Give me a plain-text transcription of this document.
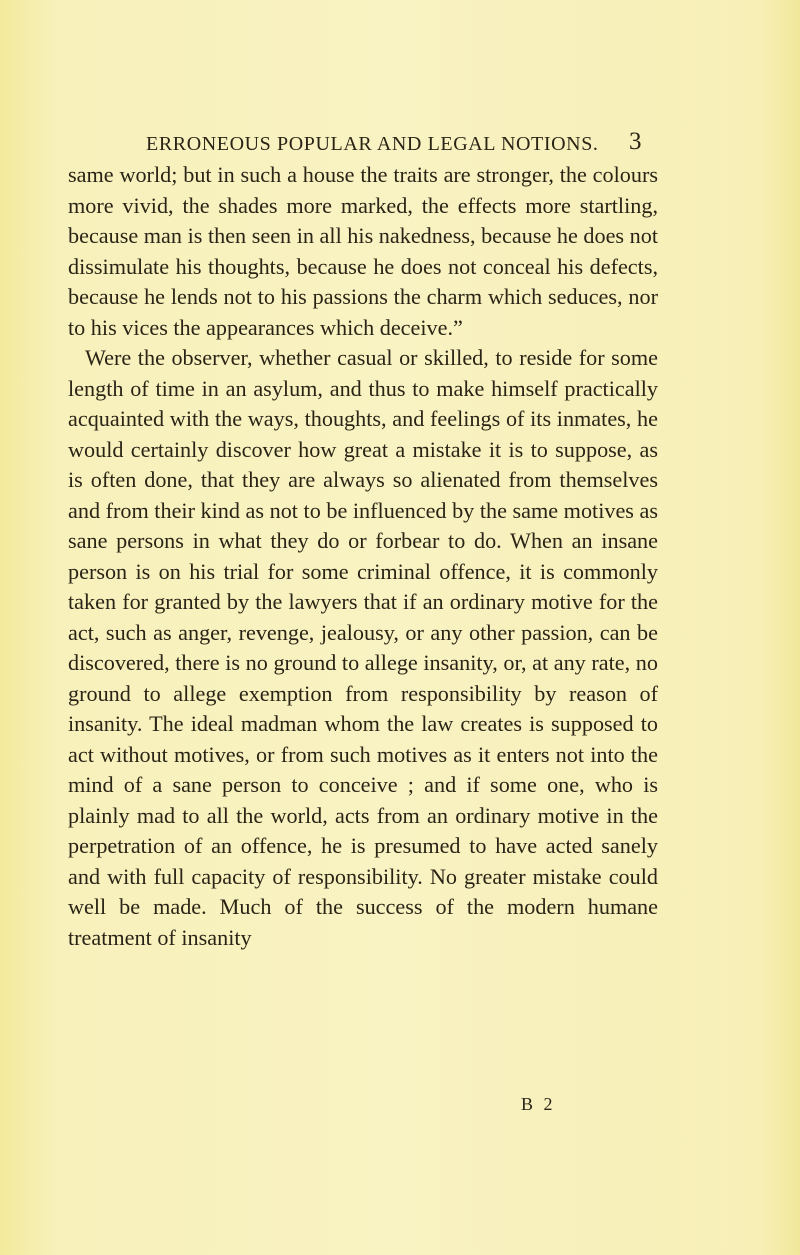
ERRONEOUS POPULAR AND LEGAL NOTIONS.	3

same world; but in such a house the traits are stronger, the colours more vivid, the shades more marked, the effects more startling, because man is then seen in all his nakedness, because he does not dissimulate his thoughts, because he does not conceal his defects, because he lends not to his passions the charm which seduces, nor to his vices the appearances which deceive.”

Were the observer, whether casual or skilled, to reside for some length of time in an asylum, and thus to make himself practically acquainted with the ways, thoughts, and feelings of its inmates, he would certainly discover how great a mistake it is to suppose, as is often done, that they are always so alienated from themselves and from their kind as not to be influenced by the same motives as sane persons in what they do or forbear to do. When an insane person is on his trial for some criminal offence, it is commonly taken for granted by the lawyers that if an ordinary motive for the act, such as anger, revenge, jealousy, or any other passion, can be discovered, there is no ground to allege insanity, or, at any rate, no ground to allege exemption from responsibility by reason of insanity. The ideal madman whom the law creates is supposed to act without motives, or from such motives as it enters not into the mind of a sane person to conceive ; and if some one, who is plainly mad to all the world, acts from an ordinary motive in the perpetration of an offence, he is presumed to have acted sanely and with full capacity of responsibility. No greater mistake could well be made. Much of the success of the modern humane treatment of insanity

B 2
